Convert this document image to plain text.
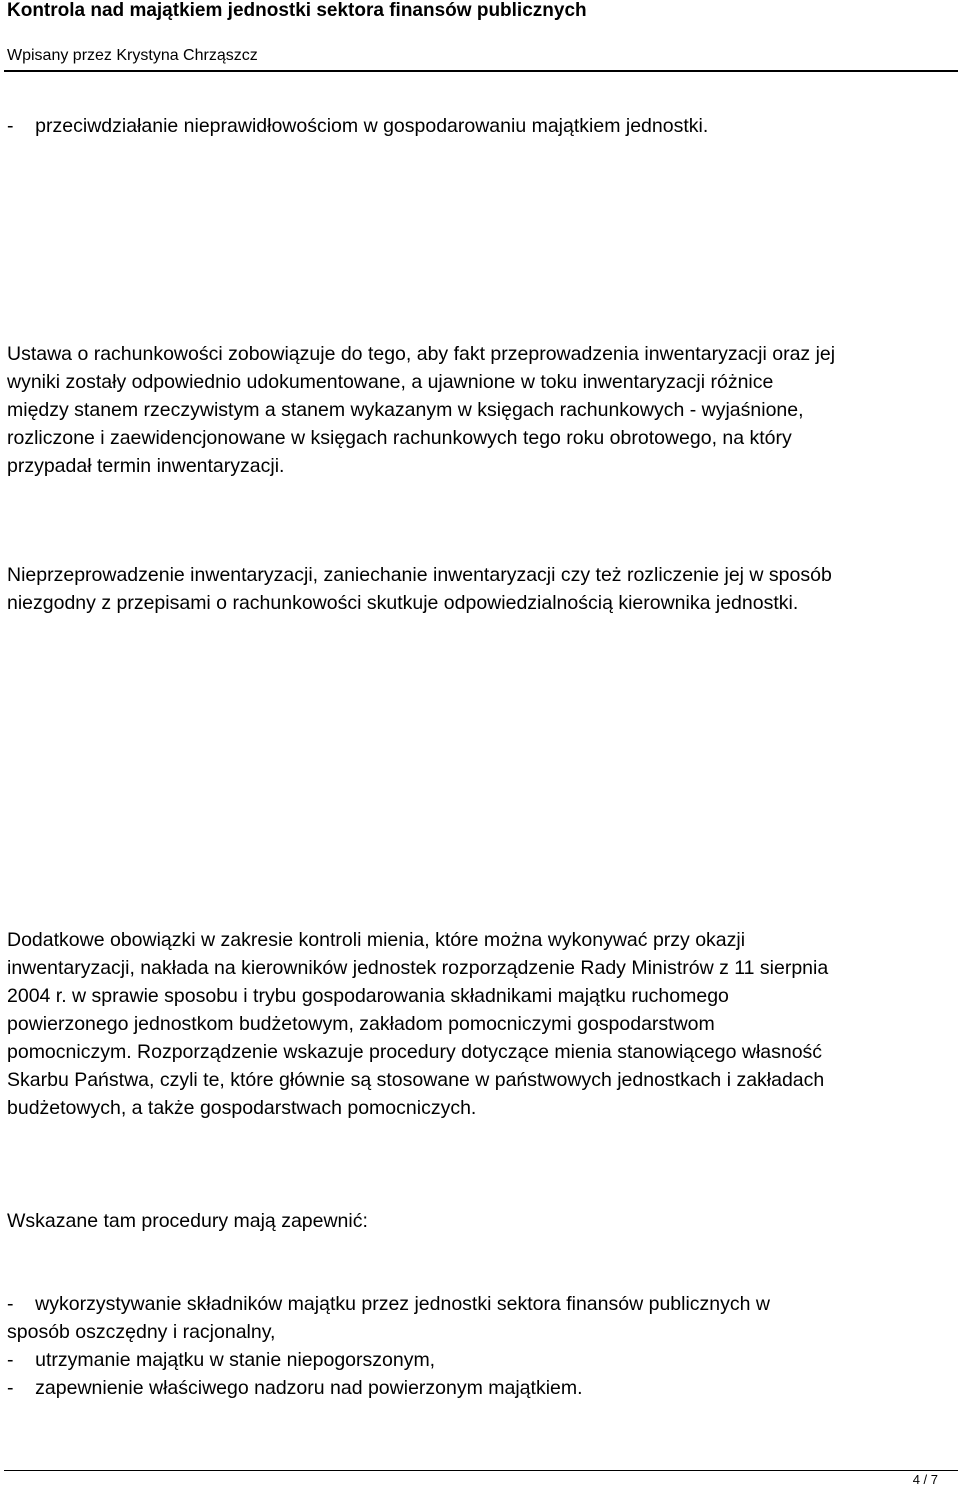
Kontrola nad majątkiem jednostki sektora finansów publicznych
Wpisany przez Krystyna Chrząszcz
- przeciwdziałanie nieprawidłowościom w gospodarowaniu majątkiem jednostki.
Ustawa o rachunkowości zobowiązuje do tego, aby fakt przeprowadzenia inwentaryzacji oraz jej
wyniki zostały odpowiednio udokumentowane, a ujawnione w toku inwentaryzacji różnice
między stanem rzeczywistym a stanem wykazanym w księgach rachunkowych - wyjaśnione,
rozliczone i zaewidencjonowane w księgach rachunkowych tego roku obrotowego, na który
przypadał termin inwentaryzacji.
Nieprzeprowadzenie inwentaryzacji, zaniechanie inwentaryzacji czy też rozliczenie jej w sposób
niezgodny z przepisami o rachunkowości skutkuje odpowiedzialnością kierownika jednostki.
Dodatkowe obowiązki w zakresie kontroli mienia, które można wykonywać przy okazji
inwentaryzacji, nakłada na kierowników jednostek rozporządzenie Rady Ministrów z 11 sierpnia
2004 r. w sprawie sposobu i trybu gospodarowania składnikami majątku ruchomego
powierzonego jednostkom budżetowym, zakładom pomocniczymi gospodarstwom
pomocniczym. Rozporządzenie wskazuje procedury dotyczące mienia stanowiącego własność
Skarbu Państwa, czyli te, które głównie są stosowane w państwowych jednostkach i zakładach
budżetowych, a także gospodarstwach pomocniczych.
Wskazane tam procedury mają zapewnić:
- wykorzystywanie składników majątku przez jednostki sektora finansów publicznych w
sposób oszczędny i racjonalny,
- utrzymanie majątku w stanie niepogorszonym,
- zapewnienie właściwego nadzoru nad powierzonym majątkiem.
4 / 7
